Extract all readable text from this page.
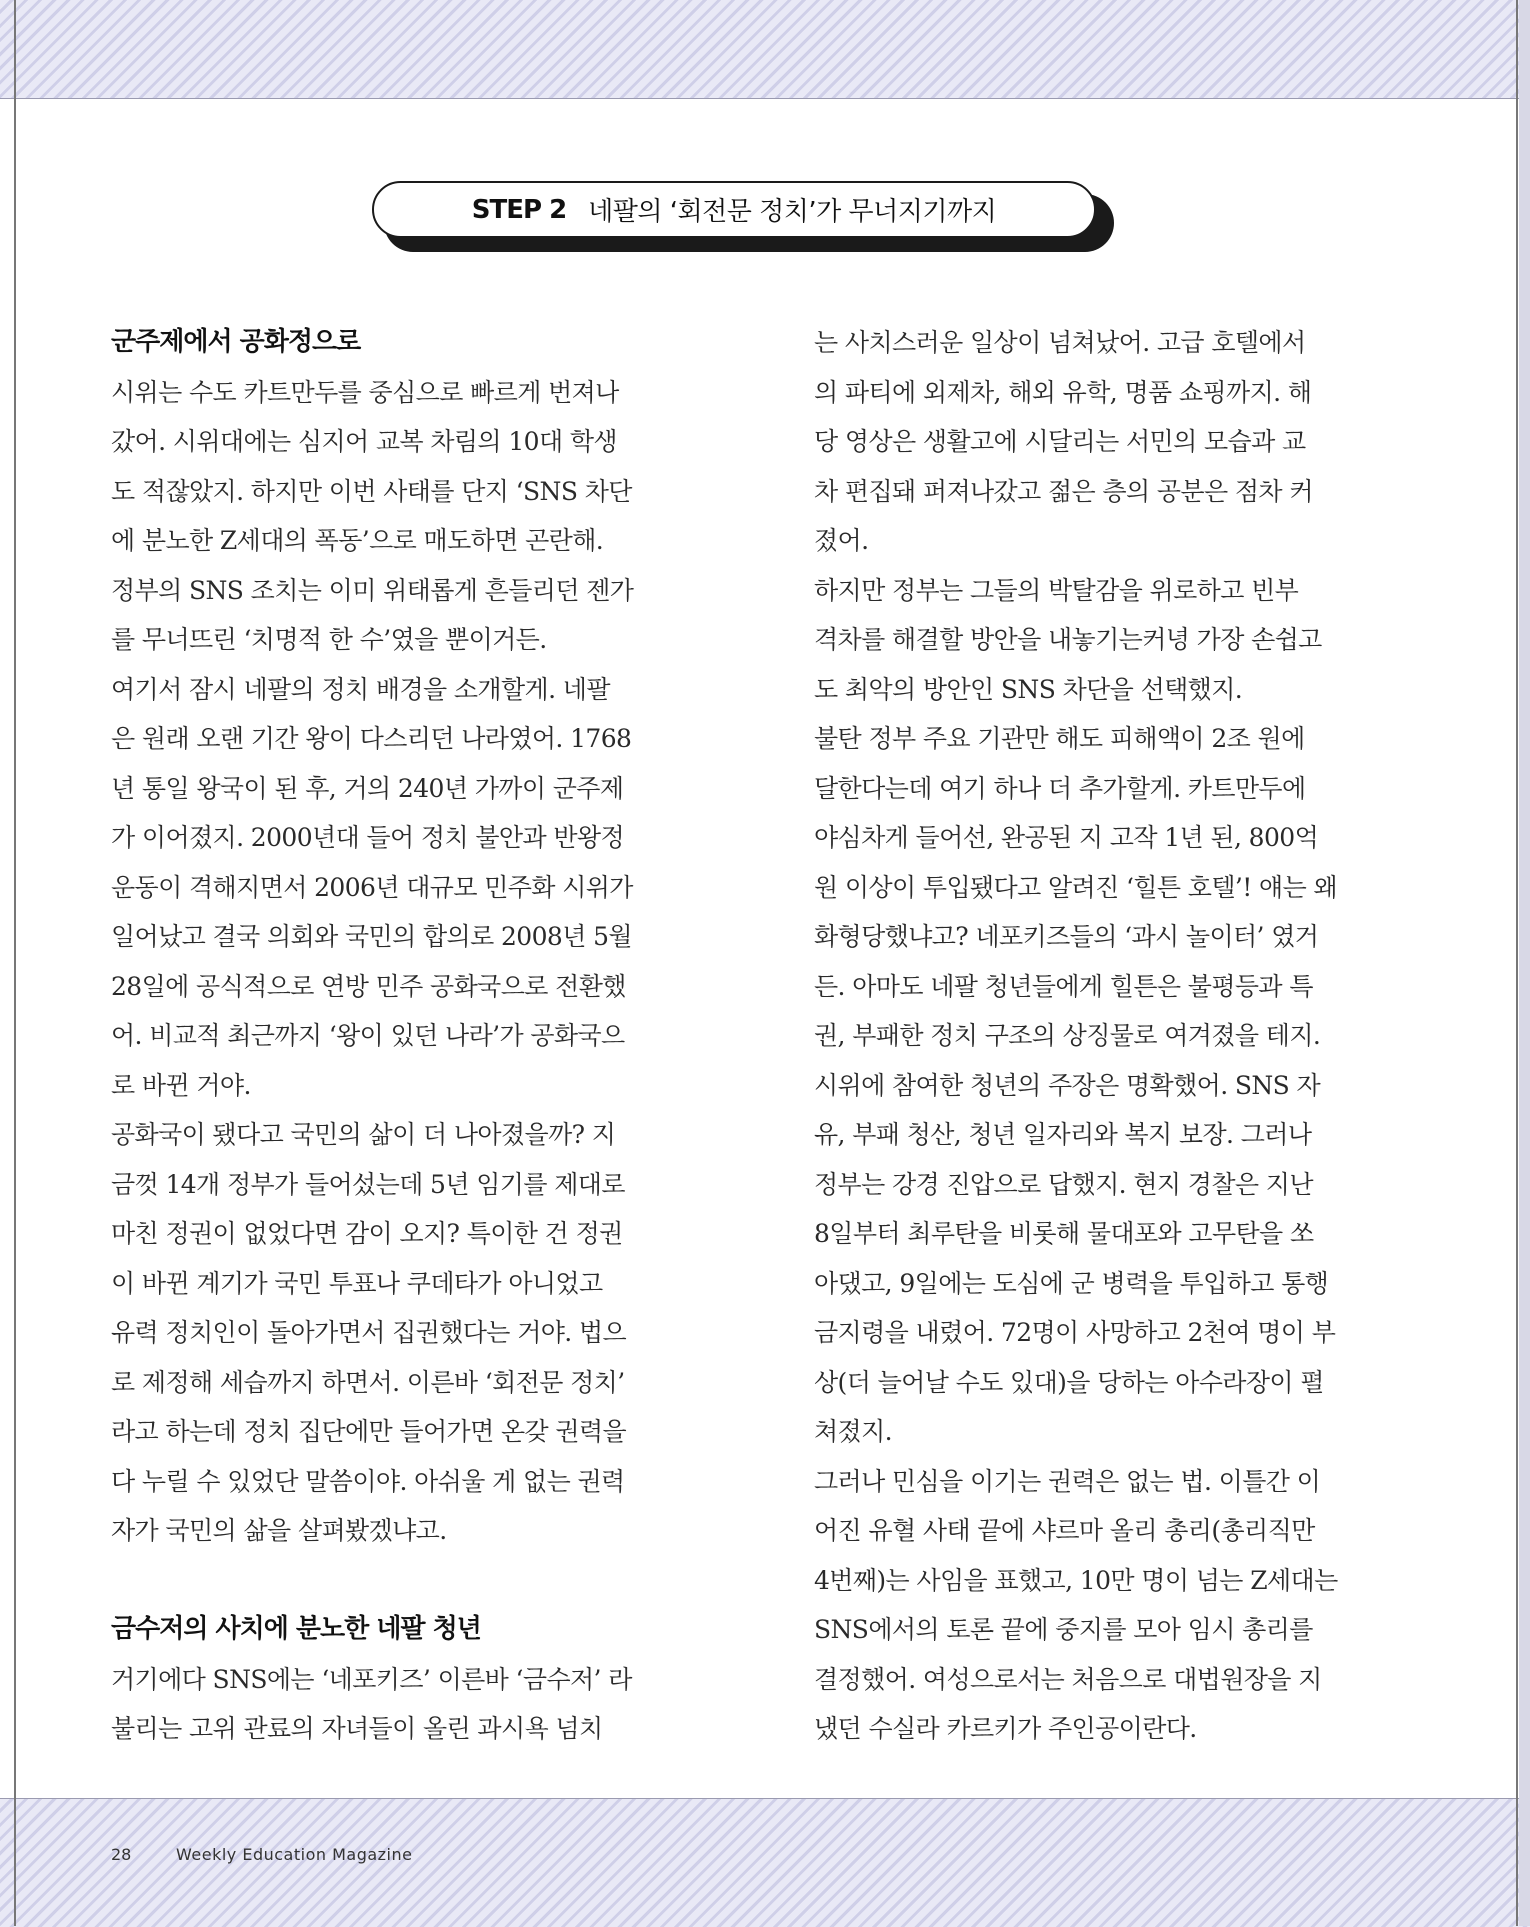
STEP 2 네팔의 ‘회전문 정치’가 무너지기까지
군주제에서 공화정으로
시위는 수도 카트만두를 중심으로 빠르게 번져나
갔어. 시위대에는 심지어 교복 차림의 10대 학생
도 적잖았지. 하지만 이번 사태를 단지 ‘SNS 차단
에 분노한 Z세대의 폭동’으로 매도하면 곤란해.
정부의 SNS 조치는 이미 위태롭게 흔들리던 젠가
를 무너뜨린 ‘치명적 한 수’였을 뿐이거든.
여기서 잠시 네팔의 정치 배경을 소개할게. 네팔
은 원래 오랜 기간 왕이 다스리던 나라였어. 1768
년 통일 왕국이 된 후, 거의 240년 가까이 군주제
가 이어졌지. 2000년대 들어 정치 불안과 반왕정
운동이 격해지면서 2006년 대규모 민주화 시위가
일어났고 결국 의회와 국민의 합의로 2008년 5월
28일에 공식적으로 연방 민주 공화국으로 전환했
어. 비교적 최근까지 ‘왕이 있던 나라’가 공화국으
로 바뀐 거야.
공화국이 됐다고 국민의 삶이 더 나아졌을까? 지
금껏 14개 정부가 들어섰는데 5년 임기를 제대로
마친 정권이 없었다면 감이 오지? 특이한 건 정권
이 바뀐 계기가 국민 투표나 쿠데타가 아니었고
유력 정치인이 돌아가면서 집권했다는 거야. 법으
로 제정해 세습까지 하면서. 이른바 ‘회전문 정치’
라고 하는데 정치 집단에만 들어가면 온갖 권력을
다 누릴 수 있었단 말씀이야. 아쉬울 게 없는 권력
자가 국민의 삶을 살펴봤겠냐고.
금수저의 사치에 분노한 네팔 청년
거기에다 SNS에는 ‘네포키즈’ 이른바 ‘금수저’ 라
불리는 고위 관료의 자녀들이 올린 과시욕 넘치
는 사치스러운 일상이 넘쳐났어. 고급 호텔에서
의 파티에 외제차, 해외 유학, 명품 쇼핑까지. 해
당 영상은 생활고에 시달리는 서민의 모습과 교
차 편집돼 퍼져나갔고 젊은 층의 공분은 점차 커
졌어.
하지만 정부는 그들의 박탈감을 위로하고 빈부
격차를 해결할 방안을 내놓기는커녕 가장 손쉽고
도 최악의 방안인 SNS 차단을 선택했지.
불탄 정부 주요 기관만 해도 피해액이 2조 원에
달한다는데 여기 하나 더 추가할게. 카트만두에
야심차게 들어선, 완공된 지 고작 1년 된, 800억
원 이상이 투입됐다고 알려진 ‘힐튼 호텔’! 얘는 왜
화형당했냐고? 네포키즈들의 ‘과시 놀이터’ 였거
든. 아마도 네팔 청년들에게 힐튼은 불평등과 특
권, 부패한 정치 구조의 상징물로 여겨졌을 테지.
시위에 참여한 청년의 주장은 명확했어. SNS 자
유, 부패 청산, 청년 일자리와 복지 보장. 그러나
정부는 강경 진압으로 답했지. 현지 경찰은 지난
8일부터 최루탄을 비롯해 물대포와 고무탄을 쏘
아댔고, 9일에는 도심에 군 병력을 투입하고 통행
금지령을 내렸어. 72명이 사망하고 2천여 명이 부
상(더 늘어날 수도 있대)을 당하는 아수라장이 펼
쳐졌지.
그러나 민심을 이기는 권력은 없는 법. 이틀간 이
어진 유혈 사태 끝에 샤르마 올리 총리(총리직만
4번째)는 사임을 표했고, 10만 명이 넘는 Z세대는
SNS에서의 토론 끝에 중지를 모아 임시 총리를
결정했어. 여성으로서는 처음으로 대법원장을 지
냈던 수실라 카르키가 주인공이란다.
28	Weekly Education Magazine
